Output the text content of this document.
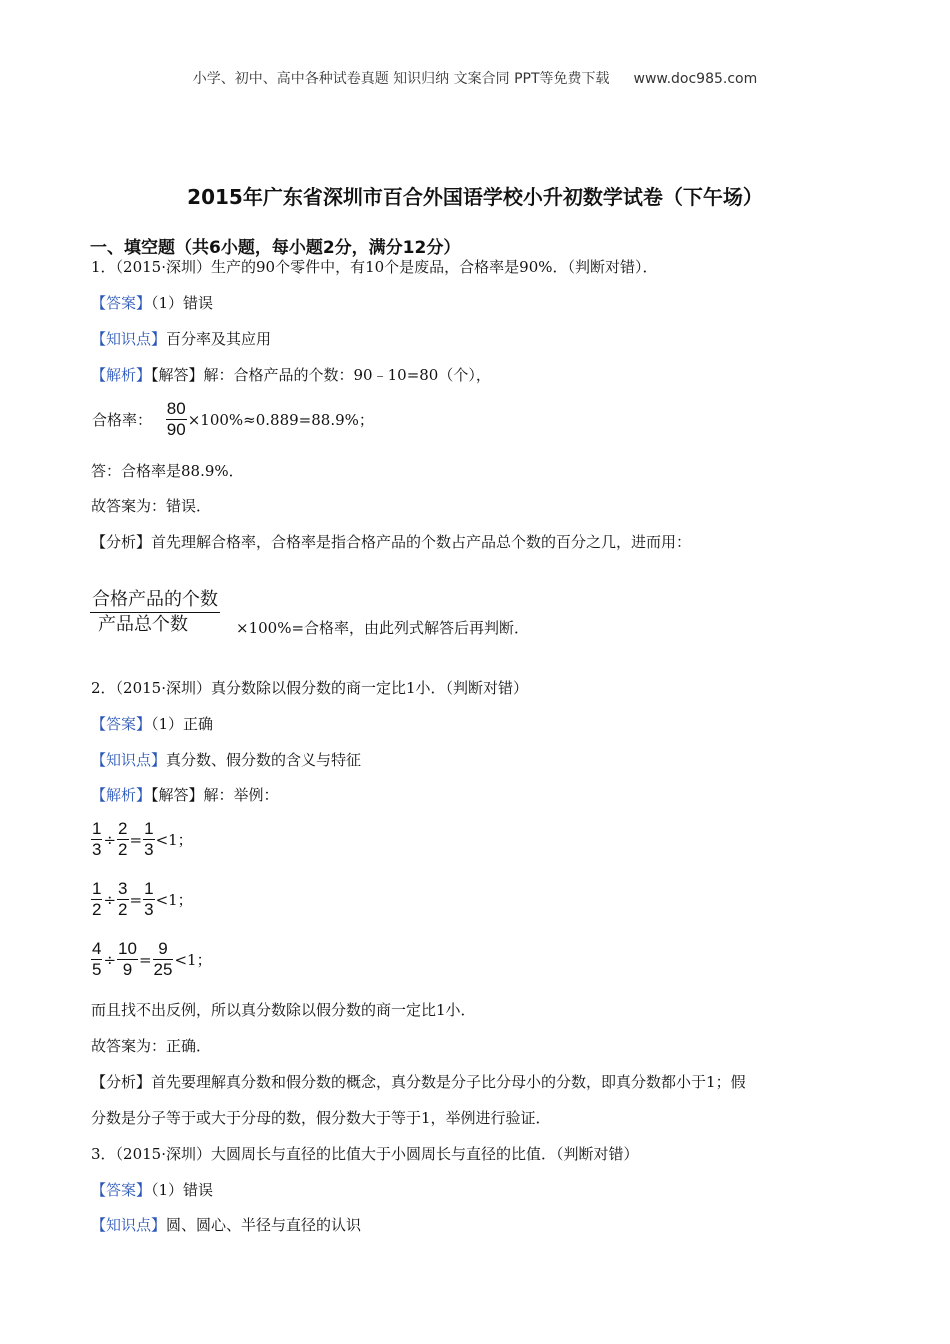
小学、初中、高中各种试卷真题 知识归纳 文案合同 PPT等免费下载 www.doc985.com
2015年广东省深圳市百合外国语学校小升初数学试卷（下午场）
一、填空题（共6小题，每小题2分，满分12分）
1．（2015·深圳）生产的90个零件中，有10个是废品，合格率是90%．（判断对错）．
【答案】（1）错误
【知识点】百分率及其应用
【解析】【解答】解：合格产品的个数：90﹣10=80（个），
合格率： $\frac{80}{90} \times 100\%\approx 0.889=88.9\%$；
答：合格率是88.9%．
故答案为：错误．
【分析】首先理解合格率，合格率是指合格产品的个数占产品总个数的百分之几，进而用：
合格产品的个数
产品总个数	×100%=合格率，由此列式解答后再判断．
2．（2015·深圳）真分数除以假分数的商一定比1小．（判断对错）
【答案】（1）正确
【知识点】真分数、假分数的含义与特征
【解析】【解答】解：举例：
$\frac{1}{3} \div \frac{2}{2} = \frac{1}{3} <1$；
$\frac{1}{2} \div \frac{3}{2} = \frac{1}{3} <1$；
$\frac{4}{5} \div \frac{10}{9} = \frac{9}{25} <1$；
而且找不出反例，所以真分数除以假分数的商一定比1小．
故答案为：正确．
【分析】首先要理解真分数和假分数的概念，真分数是分子比分母小的分数，即真分数都小于1；假
分数是分子等于或大于分母的数，假分数大于等于1，举例进行验证．
3．（2015·深圳）大圆周长与直径的比值大于小圆周长与直径的比值．（判断对错）
【答案】（1）错误
【知识点】圆、圆心、半径与直径的认识
